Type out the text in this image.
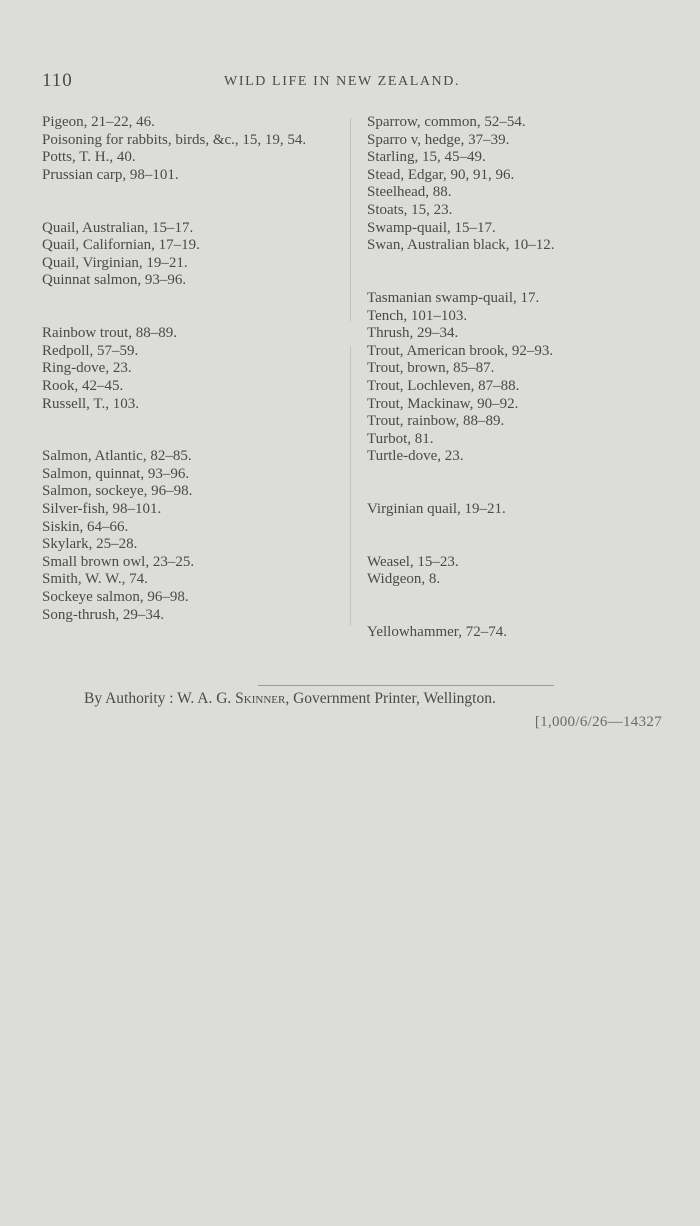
110	WILD LIFE IN NEW ZEALAND.
Pigeon, 21–22, 46.
Poisoning for rabbits, birds, &c., 15, 19, 54.
Potts, T. H., 40.
Prussian carp, 98–101.
Quail, Australian, 15–17.
Quail, Californian, 17–19.
Quail, Virginian, 19–21.
Quinnat salmon, 93–96.
Rainbow trout, 88–89.
Redpoll, 57–59.
Ring-dove, 23.
Rook, 42–45.
Russell, T., 103.
Salmon, Atlantic, 82–85.
Salmon, quinnat, 93–96.
Salmon, sockeye, 96–98.
Silver-fish, 98–101.
Siskin, 64–66.
Skylark, 25–28.
Small brown owl, 23–25.
Smith, W. W., 74.
Sockeye salmon, 96–98.
Song-thrush, 29–34.
Sparrow, common, 52–54.
Sparro v, hedge, 37–39.
Starling, 15, 45–49.
Stead, Edgar, 90, 91, 96.
Steelhead, 88.
Stoats, 15, 23.
Swamp-quail, 15–17.
Swan, Australian black, 10–12.
Tasmanian swamp-quail, 17.
Tench, 101–103.
Thrush, 29–34.
Trout, American brook, 92–93.
Trout, brown, 85–87.
Trout, Lochleven, 87–88.
Trout, Mackinaw, 90–92.
Trout, rainbow, 88–89.
Turbot, 81.
Turtle-dove, 23.
Virginian quail, 19–21.
Weasel, 15–23.
Widgeon, 8.
Yellowhammer, 72–74.
By Authority : W. A. G. Skinner, Government Printer, Wellington.
[1,000/6/26—14327
